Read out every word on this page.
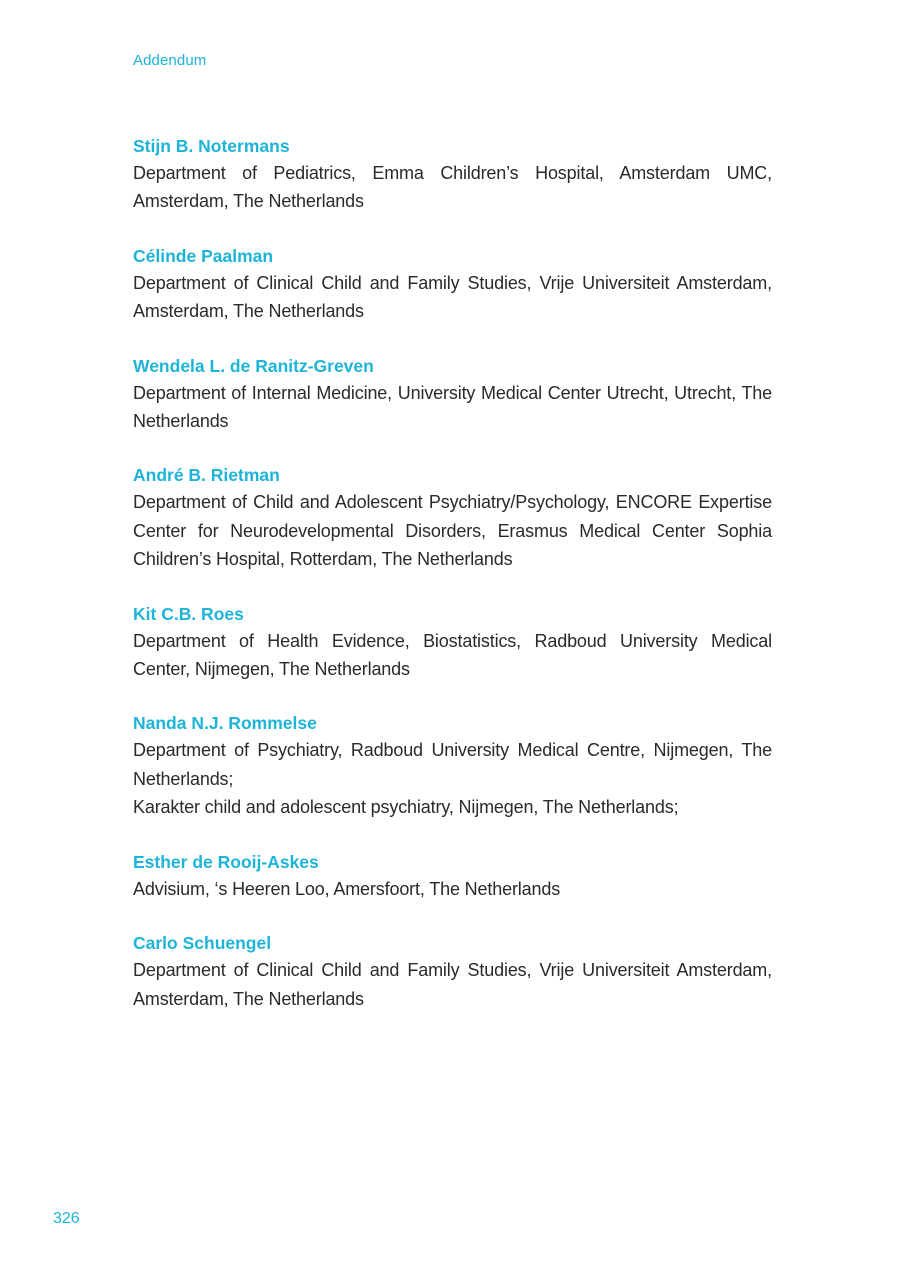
Addendum
Stijn B. Notermans
Department of Pediatrics, Emma Children’s Hospital, Amsterdam UMC, Amsterdam, The Netherlands
Célinde Paalman
Department of Clinical Child and Family Studies, Vrije Universiteit Amsterdam, Amsterdam, The Netherlands
Wendela L. de Ranitz-Greven
Department of Internal Medicine, University Medical Center Utrecht, Utrecht, The Netherlands
André B. Rietman
Department of Child and Adolescent Psychiatry/Psychology, ENCORE Expertise Center for Neurodevelopmental Disorders, Erasmus Medical Center Sophia Children’s Hospital, Rotterdam, The Netherlands
Kit C.B. Roes
Department of Health Evidence, Biostatistics, Radboud University Medical Center, Nijmegen, The Netherlands
Nanda N.J. Rommelse
Department of Psychiatry, Radboud University Medical Centre, Nijmegen, The Netherlands;
Karakter child and adolescent psychiatry, Nijmegen, The Netherlands;
Esther de Rooij-Askes
Advisium, ‘s Heeren Loo, Amersfoort, The Netherlands
Carlo Schuengel
Department of Clinical Child and Family Studies, Vrije Universiteit Amsterdam, Amsterdam, The Netherlands
326
